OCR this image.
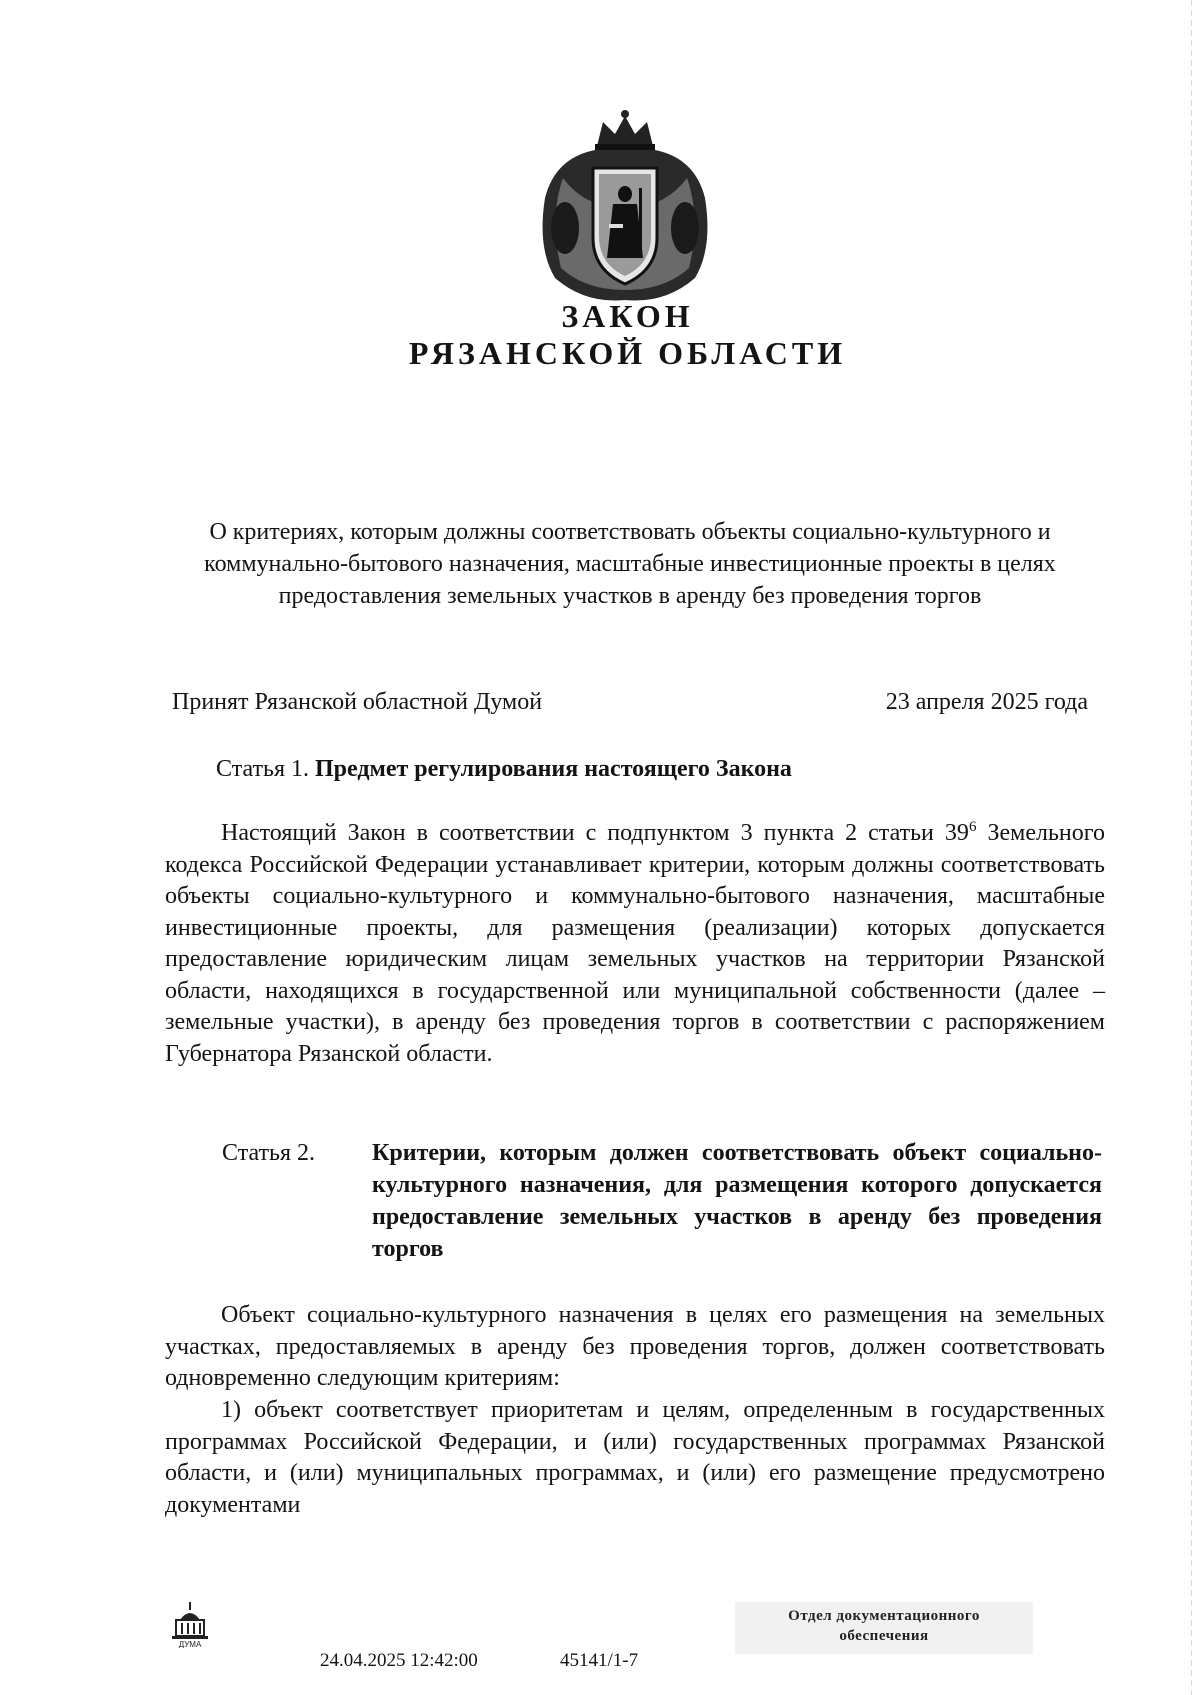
ЗАКОН
РЯЗАНСКОЙ ОБЛАСТИ
О критериях, которым должны соответствовать объекты социально-культурного и коммунально-бытового назначения, масштабные инвестиционные проекты в целях предоставления земельных участков в аренду без проведения торгов
Принят Рязанской областной Думой	23 апреля 2025 года
Статья 1. Предмет регулирования настоящего Закона
Настоящий Закон в соответствии с подпунктом 3 пункта 2 статьи $39^6$ Земельного кодекса Российской Федерации устанавливает критерии, которым должны соответствовать объекты социально-культурного и коммунально-бытового назначения, масштабные инвестиционные проекты, для размещения (реализации) которых допускается предоставление юридическим лицам земельных участков на территории Рязанской области, находящихся в государственной или муниципальной собственности (далее – земельные участки), в аренду без проведения торгов в соответствии с распоряжением Губернатора Рязанской области.
Статья 2. Критерии, которым должен соответствовать объект социально-культурного назначения, для размещения которого допускается предоставление земельных участков в аренду без проведения торгов
Объект социально-культурного назначения в целях его размещения на земельных участках, предоставляемых в аренду без проведения торгов, должен соответствовать одновременно следующим критериям:
1) объект соответствует приоритетам и целям, определенным в государственных программах Российской Федерации, и (или) государственных программах Рязанской области, и (или) муниципальных программах, и (или) его размещение предусмотрено документами
ДУМА
24.04.2025 12:42:00	45141/1-7
Отдел документационного
обеспечения
